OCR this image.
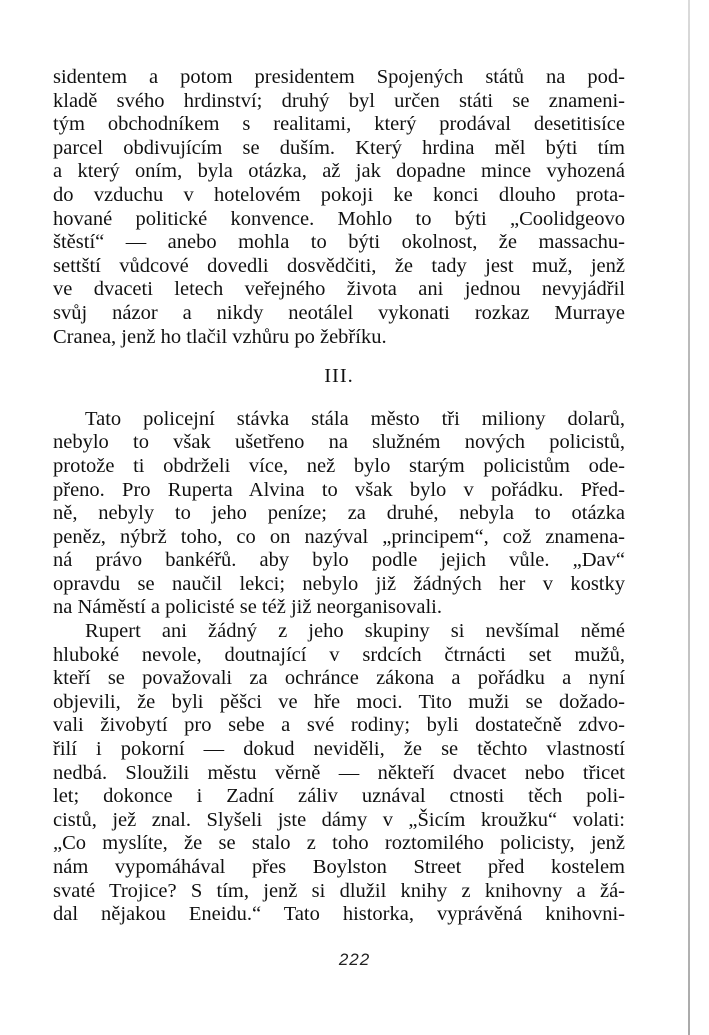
sidentem a potom presidentem Spojených států na pod-
kladě svého hrdinství; druhý byl určen státi se znameni-
tým obchodníkem s realitami, který prodával desetitisíce
parcel obdivujícím se duším. Který hrdina měl býti tím
a který oním, byla otázka, až jak dopadne mince vyhozená
do vzduchu v hotelovém pokoji ke konci dlouho prota-
hované politické konvence. Mohlo to býti „Coolidgeovo
štěstí“ — anebo mohla to býti okolnost, že massachu-
settští vůdcové dovedli dosvědčiti, že tady jest muž, jenž
ve dvaceti letech veřejného života ani jednou nevyjádřil
svůj názor a nikdy neotálel vykonati rozkaz Murraye
Cranea, jenž ho tlačil vzhůru po žebříku.
III.
Tato policejní stávka stála město tři miliony dolarů,
nebylo to však ušetřeno na služném nových policistů,
protože ti obdrželi více, než bylo starým policistům ode-
přeno. Pro Ruperta Alvina to však bylo v pořádku. Před-
ně, nebyly to jeho peníze; za druhé, nebyla to otázka
peněz, nýbrž toho, co on nazýval „principem“, což znamena-
ná právo bankéřů. aby bylo podle jejich vůle. „Dav“
opravdu se naučil lekci; nebylo již žádných her v kostky
na Náměstí a policisté se též již neorganisovali.
Rupert ani žádný z jeho skupiny si nevšímal němé
hluboké nevole, doutnající v srdcích čtrnácti set mužů,
kteří se považovali za ochránce zákona a pořádku a nyní
objevili, že byli pěšci ve hře moci. Tito muži se dožado-
vali živobytí pro sebe a své rodiny; byli dostatečně zdvo-
řilí i pokorní — dokud neviděli, že se těchto vlastností
nedbá. Sloužili městu věrně — někteří dvacet nebo třicet
let; dokonce i Zadní záliv uznával ctnosti těch poli-
cistů, jež znal. Slyšeli jste dámy v „Šicím kroužku“ volati:
„Co myslíte, že se stalo z toho roztomilého policisty, jenž
nám vypomáhával přes Boylston Street před kostelem
svaté Trojice? S tím, jenž si dlužil knihy z knihovny a žá-
dal nějakou Eneidu.“ Tato historka, vyprávěná knihovni-
222
